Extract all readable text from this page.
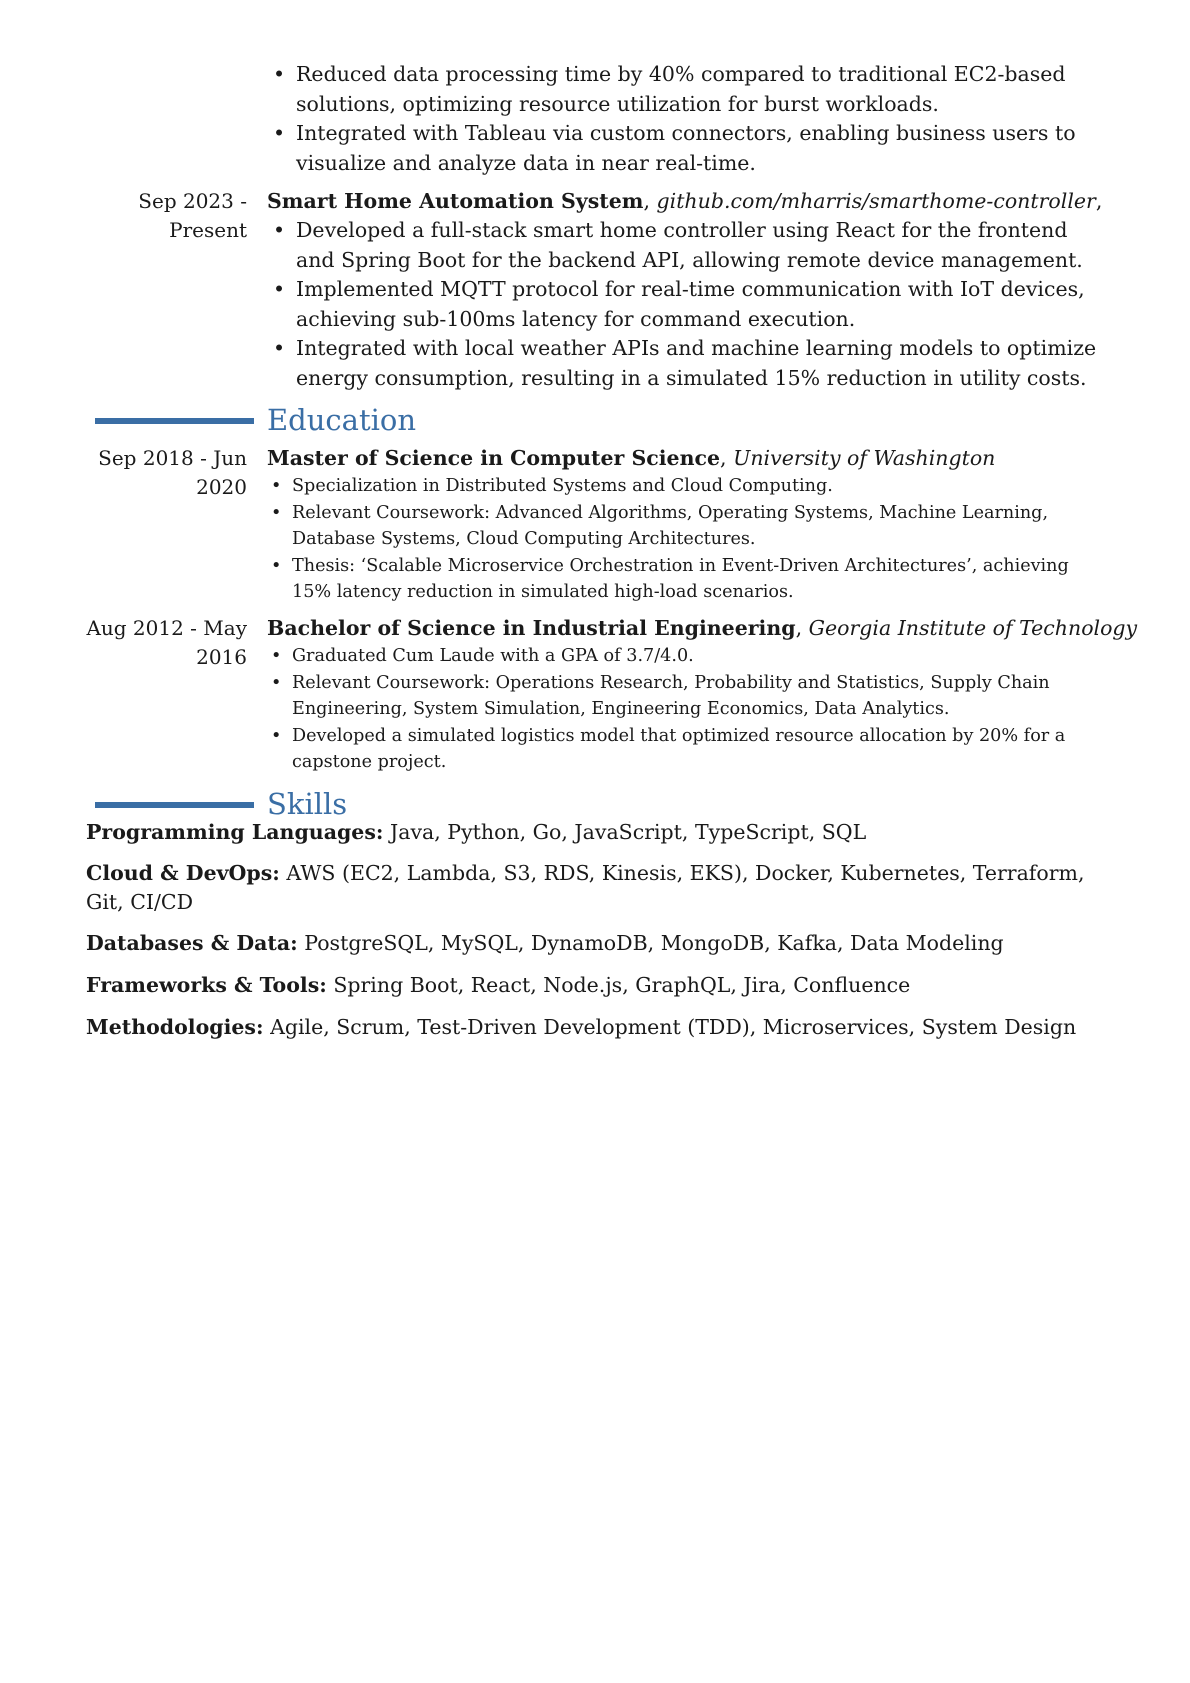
• Reduced data processing time by 40% compared to traditional EC2-based solutions, optimizing resource utilization for burst workloads.
• Integrated with Tableau via custom connectors, enabling business users to visualize and analyze data in near real-time.
Sep 2023 - Present
Smart Home Automation System, github.com/mharris/smarthome-controller,
• Developed a full-stack smart home controller using React for the frontend and Spring Boot for the backend API, allowing remote device management.
• Implemented MQTT protocol for real-time communication with IoT devices, achieving sub-100ms latency for command execution.
• Integrated with local weather APIs and machine learning models to optimize energy consumption, resulting in a simulated 15% reduction in utility costs.
Education
Sep 2018 - Jun 2020
Master of Science in Computer Science, University of Washington
• Specialization in Distributed Systems and Cloud Computing.
• Relevant Coursework: Advanced Algorithms, Operating Systems, Machine Learning, Database Systems, Cloud Computing Architectures.
• Thesis: ‘Scalable Microservice Orchestration in Event-Driven Architectures’, achieving 15% latency reduction in simulated high-load scenarios.
Aug 2012 - May 2016
Bachelor of Science in Industrial Engineering, Georgia Institute of Technology
• Graduated Cum Laude with a GPA of 3.7/4.0.
• Relevant Coursework: Operations Research, Probability and Statistics, Supply Chain Engineering, System Simulation, Engineering Economics, Data Analytics.
• Developed a simulated logistics model that optimized resource allocation by 20% for a capstone project.
Skills
Programming Languages: Java, Python, Go, JavaScript, TypeScript, SQL
Cloud & DevOps: AWS (EC2, Lambda, S3, RDS, Kinesis, EKS), Docker, Kubernetes, Terraform, Git, CI/CD
Databases & Data: PostgreSQL, MySQL, DynamoDB, MongoDB, Kafka, Data Modeling
Frameworks & Tools: Spring Boot, React, Node.js, GraphQL, Jira, Confluence
Methodologies: Agile, Scrum, Test-Driven Development (TDD), Microservices, System Design
